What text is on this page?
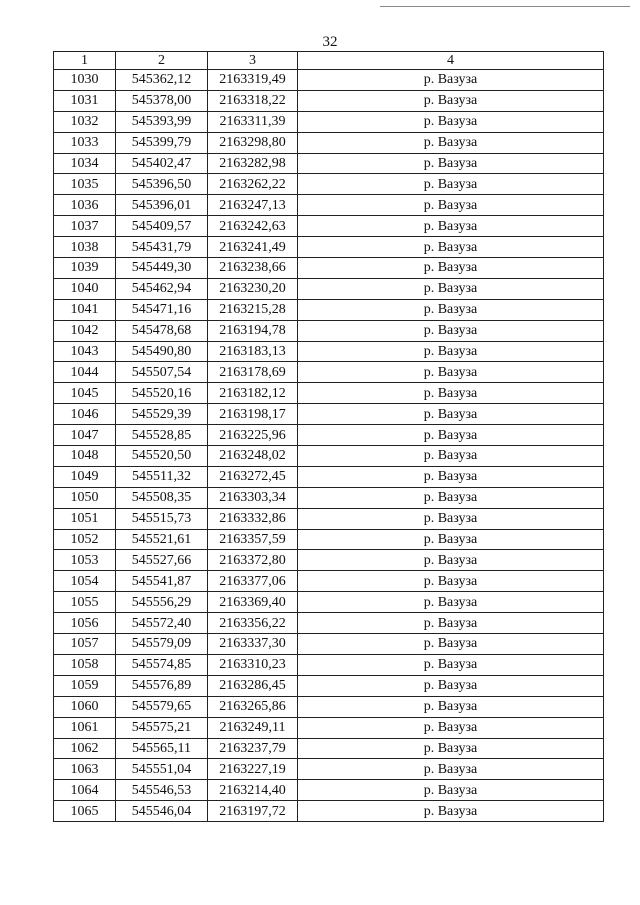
32
1	2	3	4
1030	545362,12	2163319,49	р. Вазуза
1031	545378,00	2163318,22	р. Вазуза
1032	545393,99	2163311,39	р. Вазуза
1033	545399,79	2163298,80	р. Вазуза
1034	545402,47	2163282,98	р. Вазуза
1035	545396,50	2163262,22	р. Вазуза
1036	545396,01	2163247,13	р. Вазуза
1037	545409,57	2163242,63	р. Вазуза
1038	545431,79	2163241,49	р. Вазуза
1039	545449,30	2163238,66	р. Вазуза
1040	545462,94	2163230,20	р. Вазуза
1041	545471,16	2163215,28	р. Вазуза
1042	545478,68	2163194,78	р. Вазуза
1043	545490,80	2163183,13	р. Вазуза
1044	545507,54	2163178,69	р. Вазуза
1045	545520,16	2163182,12	р. Вазуза
1046	545529,39	2163198,17	р. Вазуза
1047	545528,85	2163225,96	р. Вазуза
1048	545520,50	2163248,02	р. Вазуза
1049	545511,32	2163272,45	р. Вазуза
1050	545508,35	2163303,34	р. Вазуза
1051	545515,73	2163332,86	р. Вазуза
1052	545521,61	2163357,59	р. Вазуза
1053	545527,66	2163372,80	р. Вазуза
1054	545541,87	2163377,06	р. Вазуза
1055	545556,29	2163369,40	р. Вазуза
1056	545572,40	2163356,22	р. Вазуза
1057	545579,09	2163337,30	р. Вазуза
1058	545574,85	2163310,23	р. Вазуза
1059	545576,89	2163286,45	р. Вазуза
1060	545579,65	2163265,86	р. Вазуза
1061	545575,21	2163249,11	р. Вазуза
1062	545565,11	2163237,79	р. Вазуза
1063	545551,04	2163227,19	р. Вазуза
1064	545546,53	2163214,40	р. Вазуза
1065	545546,04	2163197,72	р. Вазуза
